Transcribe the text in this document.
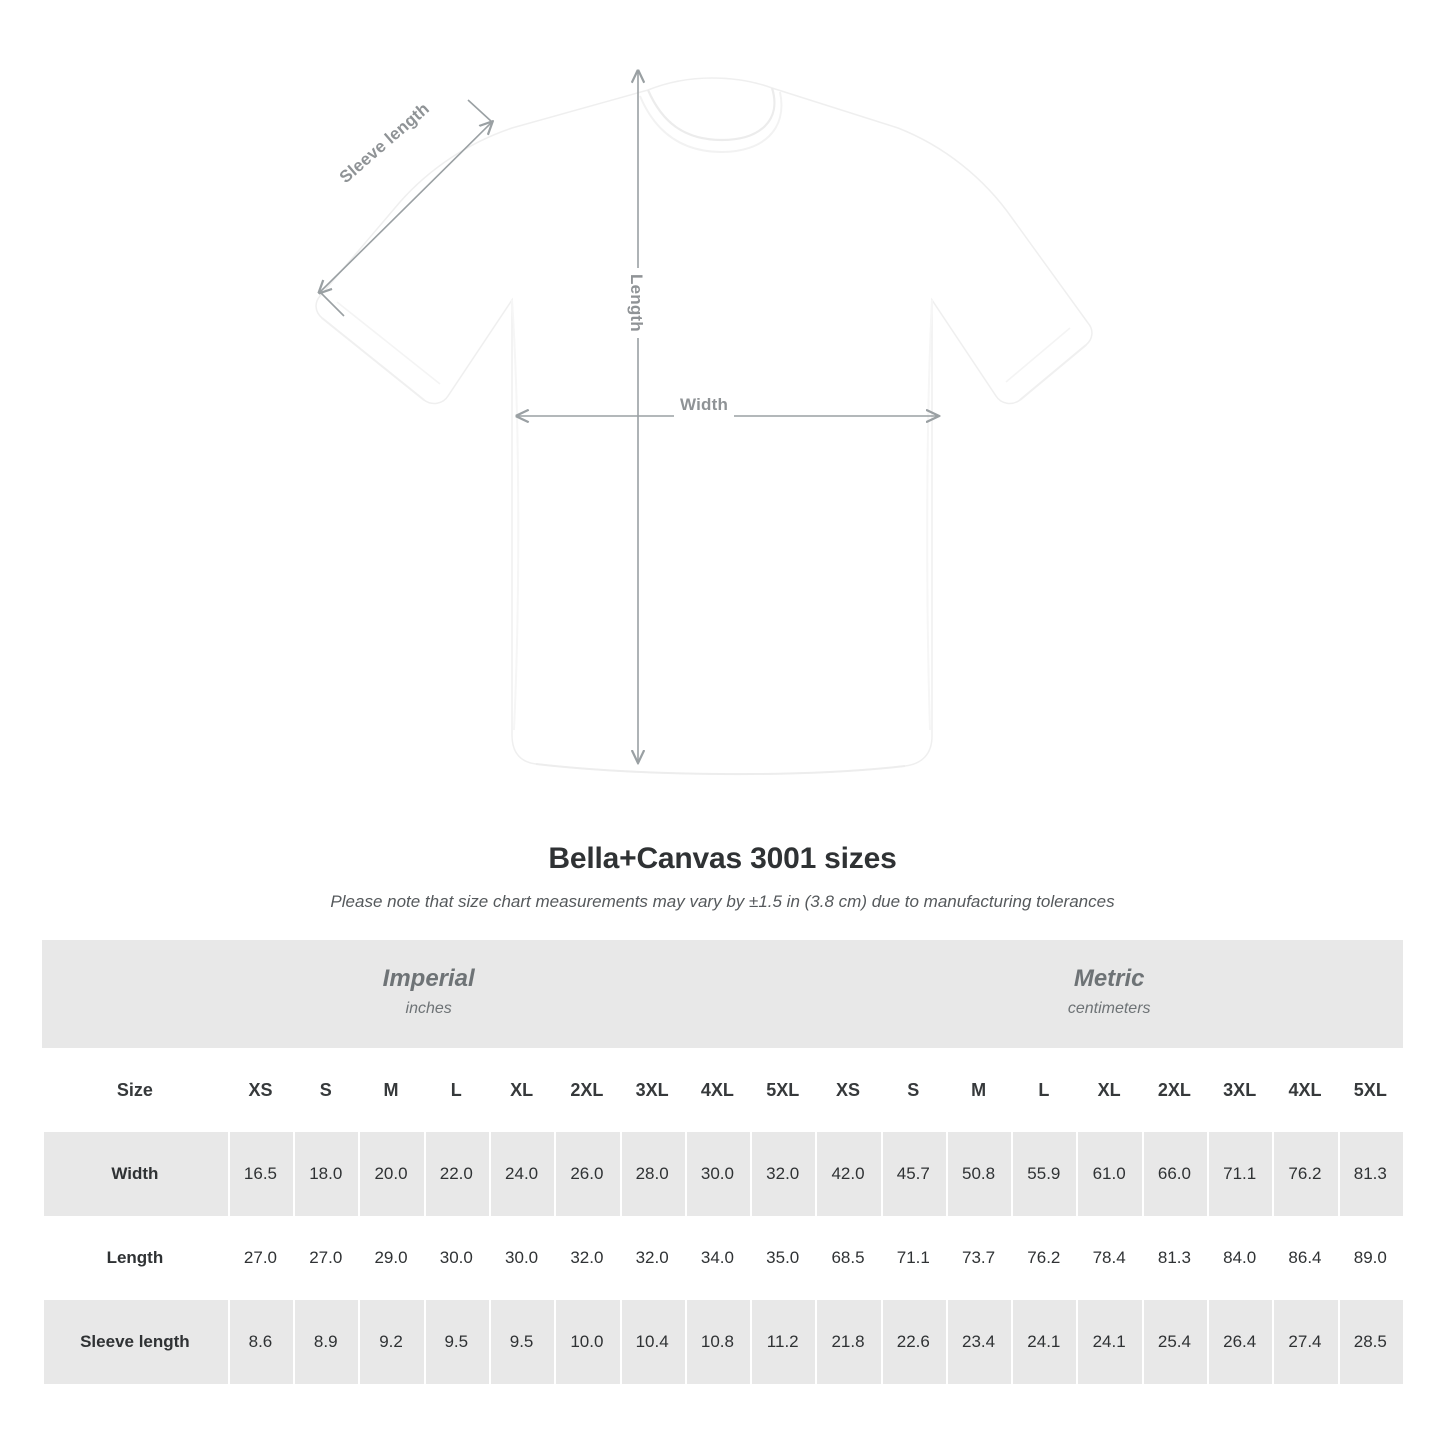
Sleeve length
Length
Width
Bella+Canvas 3001 sizes
Please note that size chart measurements may vary by ±1.5 in (3.8 cm) due to manufacturing tolerances
Imperial
inches

Metric
centimeters

Size	XS	S	M	L	XL	2XL	3XL	4XL	5XL	XS	S	M	L	XL	2XL	3XL	4XL	5XL
Width	16.5	18.0	20.0	22.0	24.0	26.0	28.0	30.0	32.0	42.0	45.7	50.8	55.9	61.0	66.0	71.1	76.2	81.3
Length	27.0	27.0	29.0	30.0	30.0	32.0	32.0	34.0	35.0	68.5	71.1	73.7	76.2	78.4	81.3	84.0	86.4	89.0
Sleeve length	8.6	8.9	9.2	9.5	9.5	10.0	10.4	10.8	11.2	21.8	22.6	23.4	24.1	24.1	25.4	26.4	27.4	28.5
